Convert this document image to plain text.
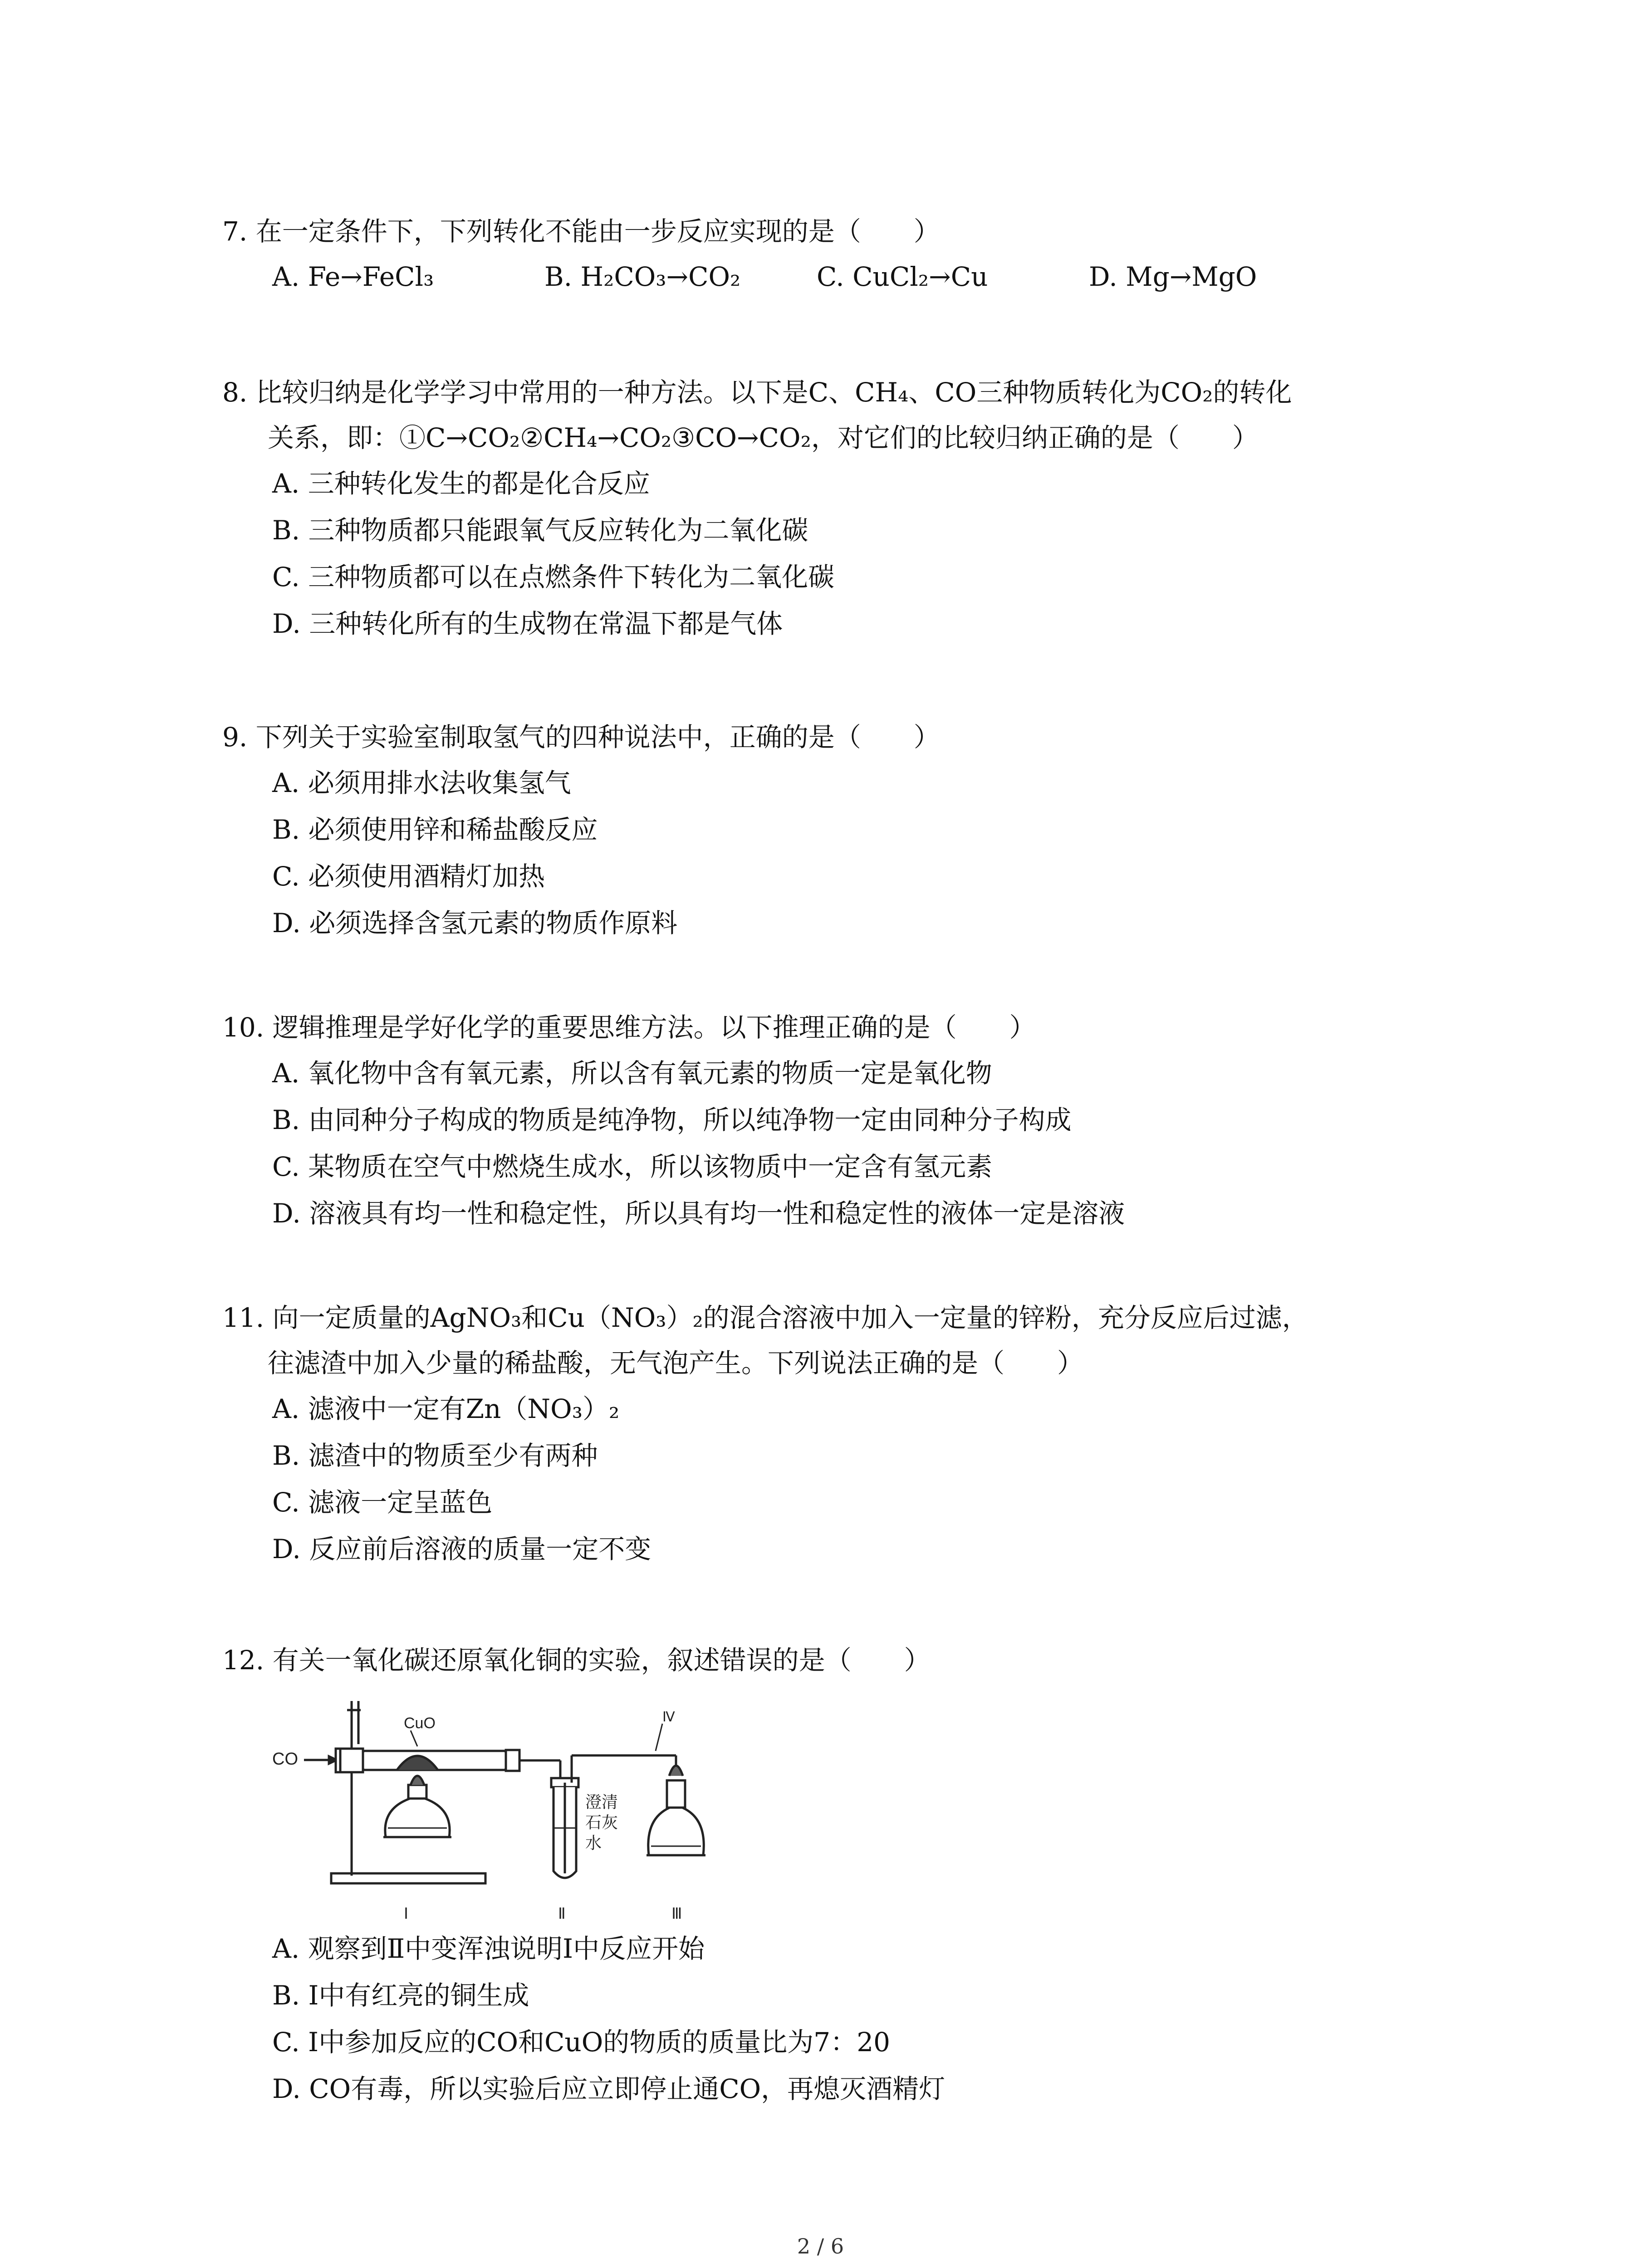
7. 在一定条件下，下列转化不能由一步反应实现的是（　　）
A. Fe→FeCl₃	B. H₂CO₃→CO₂	C. CuCl₂→Cu	D. Mg→MgO
8. 比较归纳是化学学习中常用的一种方法。以下是C、CH₄、CO三种物质转化为CO₂的转化
关系，即：①C→CO₂②CH₄→CO₂③CO→CO₂，对它们的比较归纳正确的是（　　）
A. 三种转化发生的都是化合反应
B. 三种物质都只能跟氧气反应转化为二氧化碳
C. 三种物质都可以在点燃条件下转化为二氧化碳
D. 三种转化所有的生成物在常温下都是气体
9. 下列关于实验室制取氢气的四种说法中，正确的是（　　）
A. 必须用排水法收集氢气
B. 必须使用锌和稀盐酸反应
C. 必须使用酒精灯加热
D. 必须选择含氢元素的物质作原料
10. 逻辑推理是学好化学的重要思维方法。以下推理正确的是（　　）
A. 氧化物中含有氧元素，所以含有氧元素的物质一定是氧化物
B. 由同种分子构成的物质是纯净物，所以纯净物一定由同种分子构成
C. 某物质在空气中燃烧生成水，所以该物质中一定含有氢元素
D. 溶液具有均一性和稳定性，所以具有均一性和稳定性的液体一定是溶液
11. 向一定质量的AgNO₃和Cu（NO₃）₂的混合溶液中加入一定量的锌粉，充分反应后过滤，
往滤渣中加入少量的稀盐酸，无气泡产生。下列说法正确的是（　　）
A. 滤液中一定有Zn（NO₃）₂
B. 滤渣中的物质至少有两种
C. 滤液一定呈蓝色
D. 反应前后溶液的质量一定不变
12. 有关一氧化碳还原氧化铜的实验，叙述错误的是（　　）
CO
CuO	Ⅳ
澄清
石灰
水
Ⅰ	Ⅱ	Ⅲ
A. 观察到Ⅱ中变浑浊说明Ⅰ中反应开始
B. Ⅰ中有红亮的铜生成
C. Ⅰ中参加反应的CO和CuO的物质的质量比为7：20
D. CO有毒，所以实验后应立即停止通CO，再熄灭酒精灯
2 / 6
